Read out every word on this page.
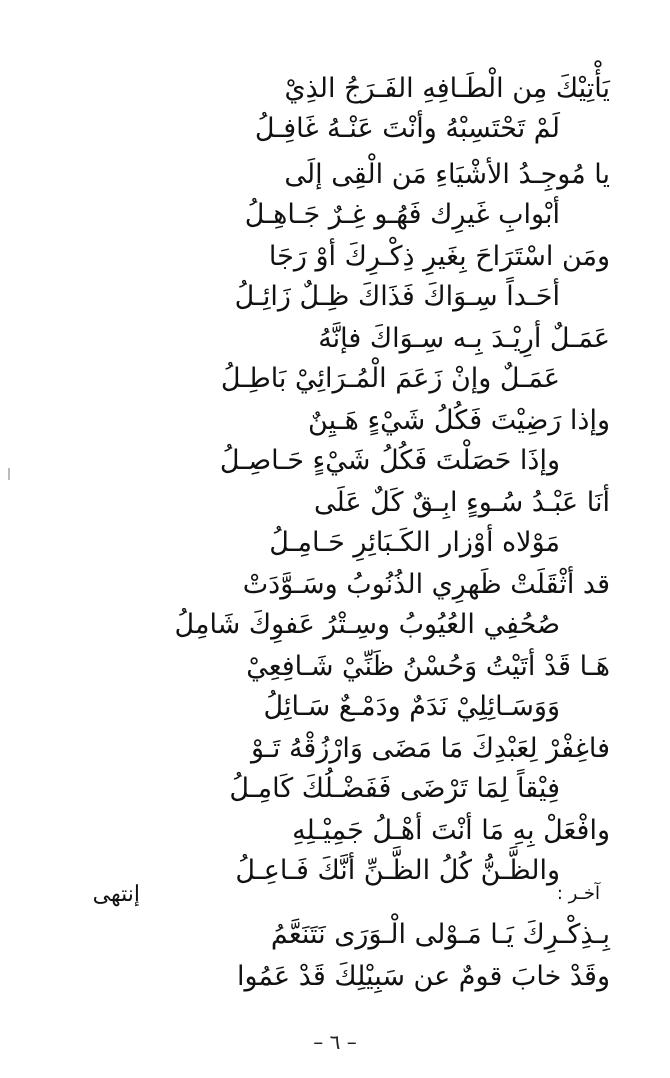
يَأْتِيْكَ مِن الْطَـافِهِ الفَـرَجُ الذِيْ
لَمْ تَحْتَسِبْهُ وأنْتَ عَنْـهُ غَافِـلُ
يا مُوجِـدُ الأشْيَاءِ مَن الْقِى إلَى
أبْوابِ غَيرِك فَهُـو غِـرٌ جَـاهِـلُ
ومَن اسْتَرَاحَ بِغَيرِ ذِكْـرِكَ أوْ رَجَا
أحَـداً سِـوَاكَ فَذَاكَ ظِـلٌ زَائِـلُ
عَمَـلٌ أرِيْـدَ بِـه سِـوَاكَ فإنَّهُ
عَمَـلٌ وإنْ زَعَمَ الْمُـرَائِيْ بَاطِـلُ
وإذا رَضِيْتَ فَكُلُ شَيْءٍ هَـيِنٌ
وإذَا حَصَلْتَ فَكُلُ شَيْءٍ حَـاصِـلُ
أنَا عَبْـدُ سُـوءٍ ابِـقٌ كَلٌ عَلَى
مَوْلاه أوْزار الكَـبَائِرِ حَـامِـلُ
قد أثْقَلَتْ ظَهرِي الذُنُوبُ وسَـوَّدَتْ
صُحُفِي العُيُوبُ وسِـتْرُ عَفوِكَ شَامِلُ
هَـا قَدْ أتَيْتُ وَحُسْنُ ظَنِّيْ شَـافِعِيْ
وَوَسَـائِلِيْ نَدَمٌ ودَمْـعٌ سَـائِلُ
فاغِفْرْ لِعَبْدِكَ مَا مَضَى وَارْزُقْهُ تَـوْ
فِيْقاً لِمَا تَرْضَى فَفَضْـلُكَ كَامِـلُ
وافْعَلْ بِهِ مَا أنْتَ أهْـلُ جَمِيْـلِهِ
والظَّـنُّ كُلُ الظَّـنِّ أنَّكَ فَـاعِـلُ
إنتهى	آخـر :
بِـذِكْـرِكَ يَـا مَـوْلى الْـوَرَى نَتَنَعَّمُ
وقَدْ خابَ قومٌ عن سَبِيْلِكَ قَدْ عَمُوا
– ٦ –
